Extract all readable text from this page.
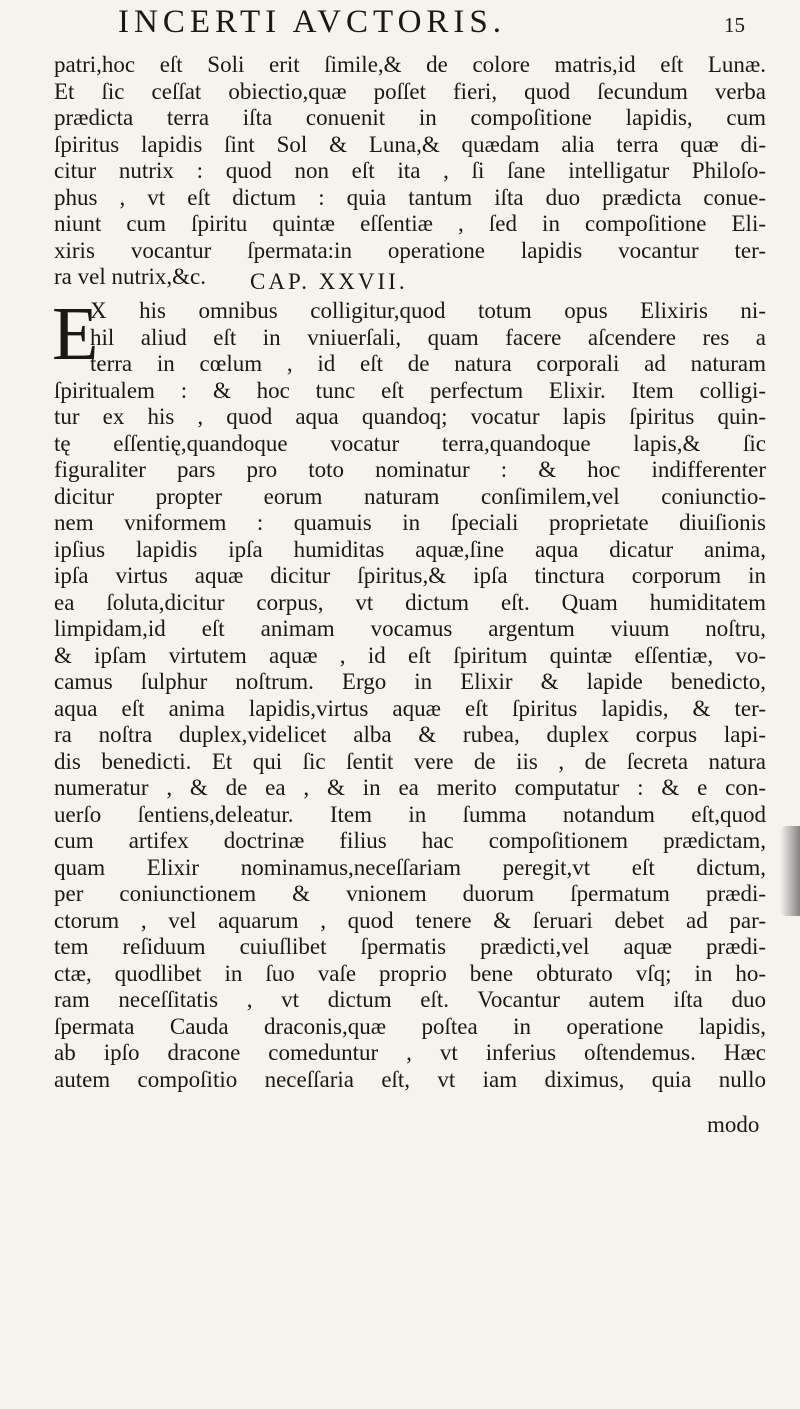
INCERTI AVCTORIS.	15
patri,hoc eſt Soli erit ſimile,& de colore matris,id eſt Lunæ.
Et ſic ceſſat obiectio,quæ poſſet fieri, quod ſecundum verba
prædicta terra iſta conuenit in compoſitione lapidis, cum
ſpiritus lapidis ſint Sol & Luna,& quædam alia terra quæ di-
citur nutrix : quod non eſt ita , ſi ſane intelligatur Philoſo-
phus , vt eſt dictum : quia tantum iſta duo prædicta conue-
niunt cum ſpiritu quintæ eſſentiæ , ſed in compoſitione Eli-
xiris vocantur ſpermata:in operatione lapidis vocantur ter-
ra vel nutrix,&c.	CAP. XXVII.
E
X his omnibus colligitur,quod totum opus Elixiris ni-
hil aliud eſt in vniuerſali, quam facere aſcendere res a
terra in cœlum , id eſt de natura corporali ad naturam
ſpiritualem : & hoc tunc eſt perfectum Elixir. Item colligi-
tur ex his , quod aqua quandoq; vocatur lapis ſpiritus quin-
tę eſſentię,quandoque vocatur terra,quandoque lapis,& ſic
figuraliter pars pro toto nominatur : & hoc indifferenter
dicitur propter eorum naturam conſimilem,vel coniunctio-
nem vniformem : quamuis in ſpeciali proprietate diuiſionis
ipſius lapidis ipſa humiditas aquæ,ſine aqua dicatur anima,
ipſa virtus aquæ dicitur ſpiritus,& ipſa tinctura corporum in
ea ſoluta,dicitur corpus, vt dictum eſt. Quam humiditatem
limpidam,id eſt animam vocamus argentum viuum noſtru,
& ipſam virtutem aquæ , id eſt ſpiritum quintæ eſſentiæ, vo-
camus ſulphur noſtrum. Ergo in Elixir & lapide benedicto,
aqua eſt anima lapidis,virtus aquæ eſt ſpiritus lapidis, & ter-
ra noſtra duplex,videlicet alba & rubea, duplex corpus lapi-
dis benedicti. Et qui ſic ſentit vere de iis , de ſecreta natura
numeratur , & de ea , & in ea merito computatur : & e con-
uerſo ſentiens,deleatur. Item in ſumma notandum eſt,quod
cum artifex doctrinæ filius hac compoſitionem prædictam,
quam Elixir nominamus,neceſſariam peregit,vt eſt dictum,
per coniunctionem & vnionem duorum ſpermatum prædi-
ctorum , vel aquarum , quod tenere & ſeruari debet ad par-
tem reſiduum cuiuſlibet ſpermatis prædicti,vel aquæ prædi-
ctæ, quodlibet in ſuo vaſe proprio bene obturato vſq; in ho-
ram neceſſitatis , vt dictum eſt. Vocantur autem iſta duo
ſpermata Cauda draconis,quæ poſtea in operatione lapidis,
ab ipſo dracone comeduntur , vt inferius oſtendemus. Hæc
autem compoſitio neceſſaria eſt, vt iam diximus, quia nullo
modo
